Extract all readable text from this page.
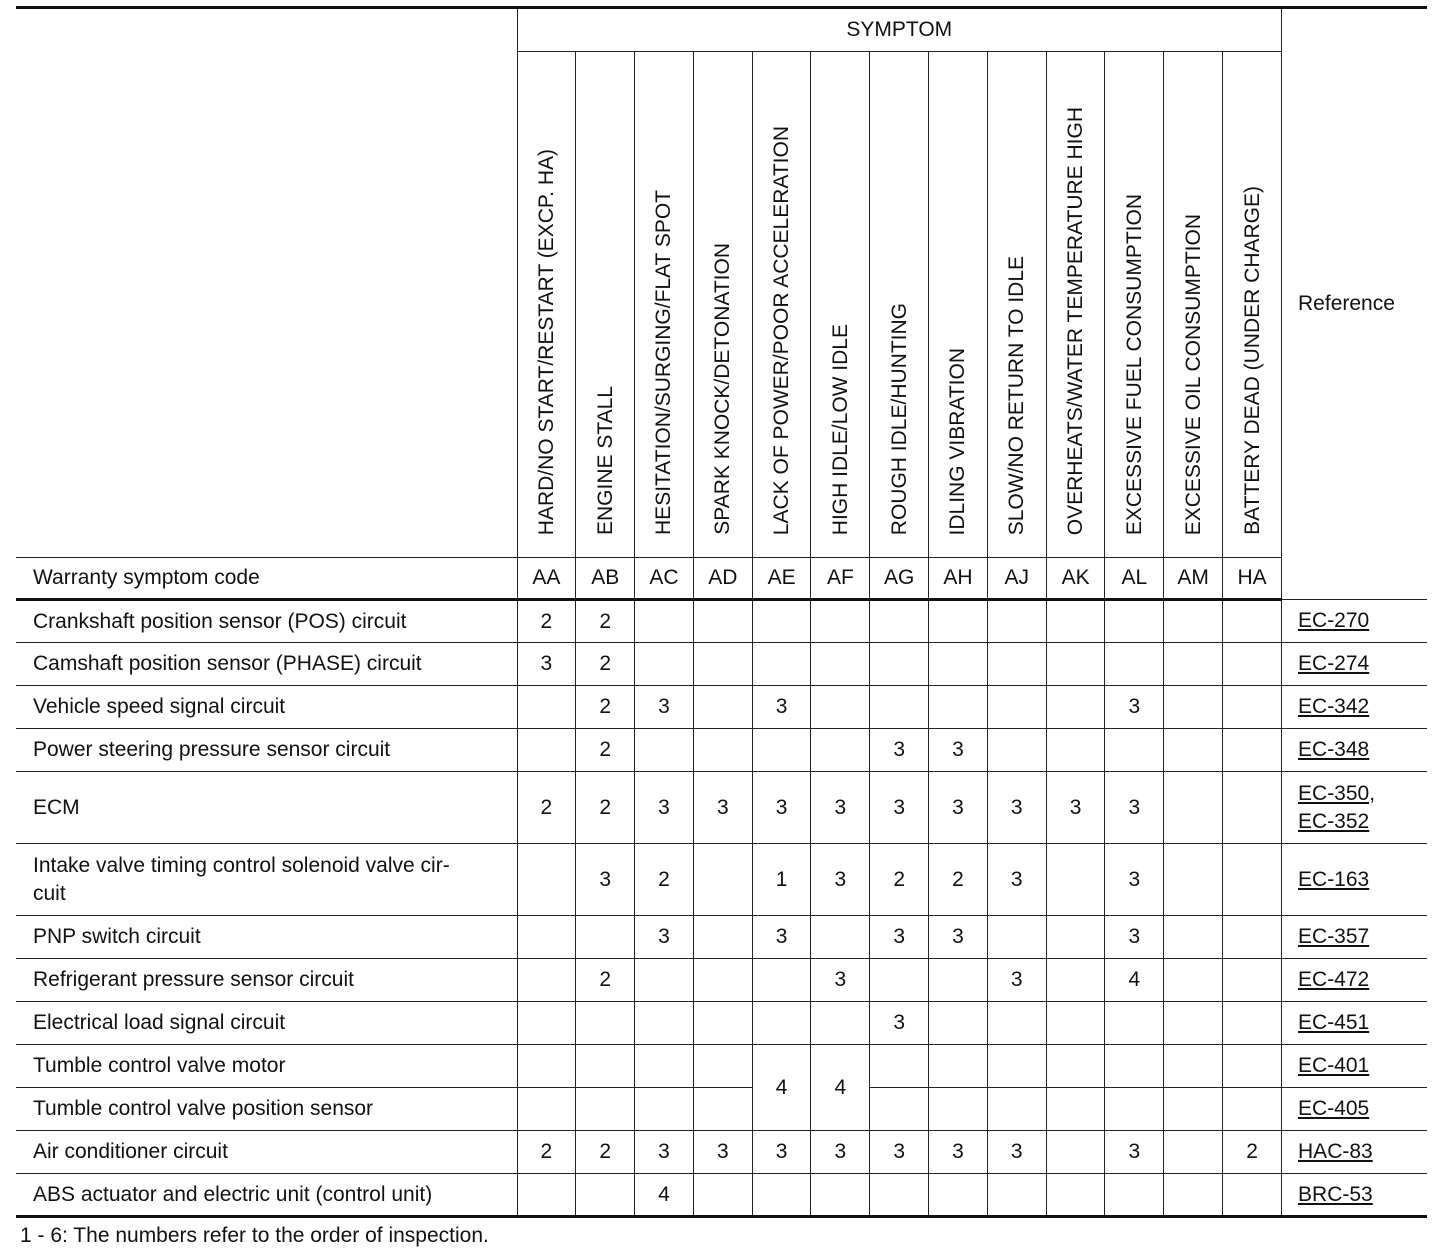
	SYMPTOM													Reference
	HARD/NO START/RESTART (EXCP. HA)	ENGINE STALL	HESITATION/SURGING/FLAT SPOT	SPARK KNOCK/DETONATION	LACK OF POWER/POOR ACCELERATION	HIGH IDLE/LOW IDLE	ROUGH IDLE/HUNTING	IDLING VIBRATION	SLOW/NO RETURN TO IDLE	OVERHEATS/WATER TEMPERATURE HIGH	EXCESSIVE FUEL CONSUMPTION	EXCESSIVE OIL CONSUMPTION	BATTERY DEAD (UNDER CHARGE)	
Warranty symptom code	AA	AB	AC	AD	AE	AF	AG	AH	AJ	AK	AL	AM	HA	

Crankshaft position sensor (POS) circuit	2	2												EC-270

Camshaft position sensor (PHASE) circuit	3	2												EC-274

Vehicle speed signal circuit		2	3		3						3			EC-342

Power steering pressure sensor circuit		2					3	3						EC-348

ECM	2	2	3	3	3	3	3	3	3	3	3			EC-350,
EC-352

Intake valve timing control solenoid valve cir-
cuit		3	2		1	3	2	2	3		3			EC-163

PNP switch circuit			3		3		3	3			3			EC-357

Refrigerant pressure sensor circuit		2				3			3		4			EC-472

Electrical load signal circuit							3							EC-451

Tumble control valve motor					4	4								EC-401

Tumble control valve position sensor														EC-405

Air conditioner circuit	2	2	3	3	3	3	3	3	3		3		2	HAC-83

ABS actuator and electric unit (control unit)			4											BRC-53
1 - 6: The numbers refer to the order of inspection.
